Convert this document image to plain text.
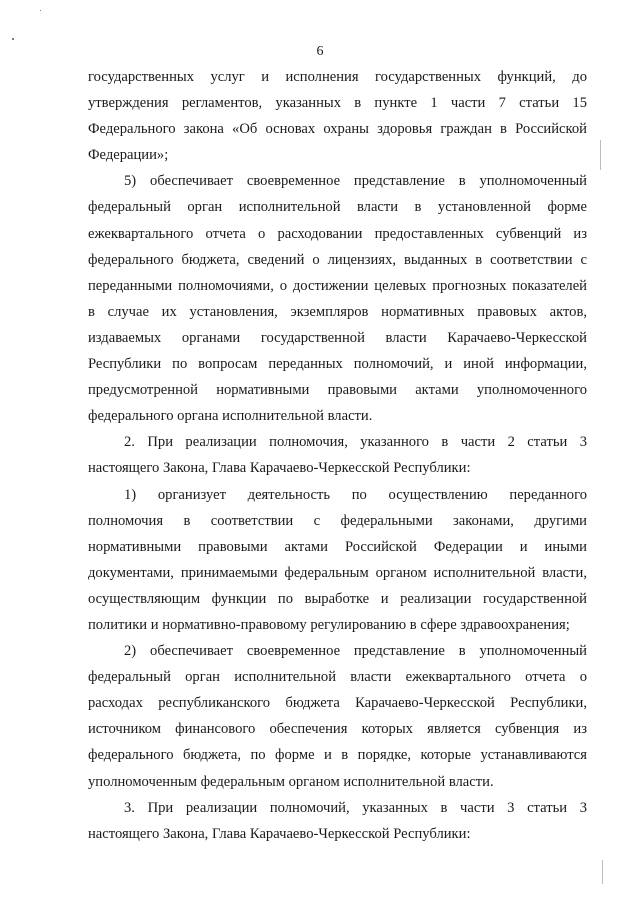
6
государственных услуг и исполнения государственных функций, до
утверждения регламентов, указанных в пункте 1 части 7 статьи 15
Федерального закона «Об основах охраны здоровья граждан в Российской
Федерации»;
5) обеспечивает своевременное представление в уполномоченный
федеральный орган исполнительной власти в установленной форме
ежеквартального отчета о расходовании предоставленных субвенций из
федерального бюджета, сведений о лицензиях, выданных в соответствии с
переданными полномочиями, о достижении целевых прогнозных показателей
в случае их установления, экземпляров нормативных правовых актов,
издаваемых органами государственной власти Карачаево-Черкесской
Республики по вопросам переданных полномочий, и иной информации,
предусмотренной нормативными правовыми актами уполномоченного
федерального органа исполнительной власти.
2. При реализации полномочия, указанного в части 2 статьи 3
настоящего Закона, Глава Карачаево-Черкесской Республики:
1) организует деятельность по осуществлению переданного
полномочия в соответствии с федеральными законами, другими
нормативными правовыми актами Российской Федерации и иными
документами, принимаемыми федеральным органом исполнительной власти,
осуществляющим функции по выработке и реализации государственной
политики и нормативно-правовому регулированию в сфере здравоохранения;
2) обеспечивает своевременное представление в уполномоченный
федеральный орган исполнительной власти ежеквартального отчета о
расходах республиканского бюджета Карачаево-Черкесской Республики,
источником финансового обеспечения которых является субвенция из
федерального бюджета, по форме и в порядке, которые устанавливаются
уполномоченным федеральным органом исполнительной власти.
3. При реализации полномочий, указанных в части 3 статьи 3
настоящего Закона, Глава Карачаево-Черкесской Республики:
